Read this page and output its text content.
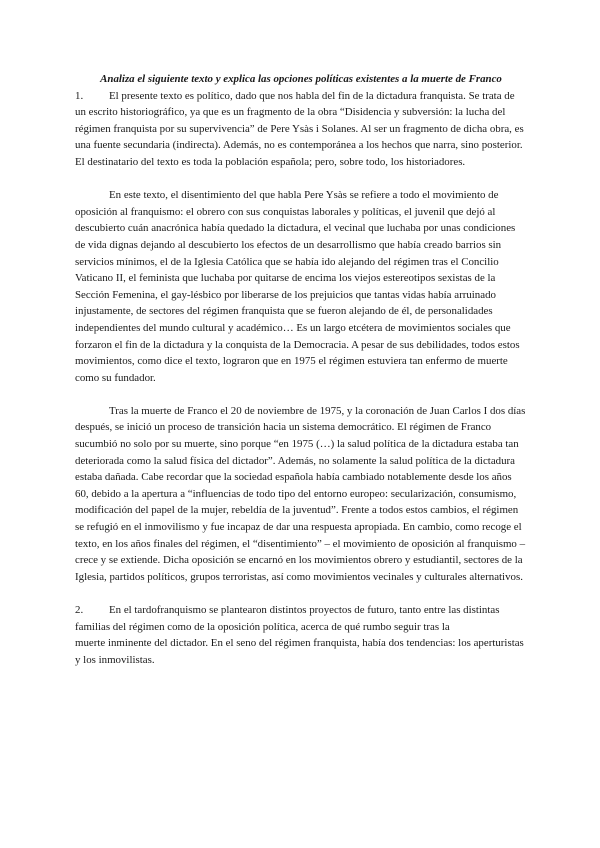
Analiza el siguiente texto y explica las opciones políticas existentes a la muerte de Franco

1. El presente texto es político, dado que nos habla del fin de la dictadura franquista. Se trata de un escrito historiográfico, ya que es un fragmento de la obra “Disidencia y subversión: la lucha del régimen franquista por su supervivencia” de Pere Ysàs i Solanes. Al ser un fragmento de dicha obra, es una fuente secundaria (indirecta). Además, no es contemporánea a los hechos que narra, sino posterior. El destinatario del texto es toda la población española; pero, sobre todo, los historiadores.

En este texto, el disentimiento del que habla Pere Ysàs se refiere a todo el movimiento de oposición al franquismo: el obrero con sus conquistas laborales y políticas, el juvenil que dejó al descubierto cuán anacrónica había quedado la dictadura, el vecinal que luchaba por unas condiciones de vida dignas dejando al descubierto los efectos de un desarrollismo que había creado barrios sin servicios mínimos, el de la Iglesia Católica que se había ido alejando del régimen tras el Concilio Vaticano II, el feminista que luchaba por quitarse de encima los viejos estereotipos sexistas de la Sección Femenina, el gay-lésbico por liberarse de los prejuicios que tantas vidas había arruinado injustamente, de sectores del régimen franquista que se fueron alejando de él, de personalidades independientes del mundo cultural y académico… Es un largo etcétera de movimientos sociales que forzaron el fin de la dictadura y la conquista de la Democracia. A pesar de sus debilidades, todos estos movimientos, como dice el texto, lograron que en 1975 el régimen estuviera tan enfermo de muerte como su fundador.

Tras la muerte de Franco el 20 de noviembre de 1975, y la coronación de Juan Carlos I dos días después, se inició un proceso de transición hacia un sistema democrático. El régimen de Franco sucumbió no solo por su muerte, sino porque “en 1975 (…) la salud política de la dictadura estaba tan deteriorada como la salud física del dictador”. Además, no solamente la salud política de la dictadura estaba dañada. Cabe recordar que la sociedad española había cambiado notablemente desde los años 60, debido a la apertura a “influencias de todo tipo del entorno europeo: secularización, consumismo, modificación del papel de la mujer, rebeldía de la juventud”. Frente a todos estos cambios, el régimen se refugió en el inmovilismo y fue incapaz de dar una respuesta apropiada. En cambio, como recoge el texto, en los años finales del régimen, el “disentimiento” – el movimiento de oposición al franquismo – crece y se extiende. Dicha oposición se encarnó en los movimientos obrero y estudiantil, sectores de la Iglesia, partidos políticos, grupos terroristas, así como movimientos vecinales y culturales alternativos.

2. En el tardofranquismo se plantearon distintos proyectos de futuro, tanto entre las distintas familias del régimen como de la oposición política, acerca de qué rumbo seguir tras la

muerte inminente del dictador. En el seno del régimen franquista, había dos tendencias: los aperturistas y los inmovilistas.
